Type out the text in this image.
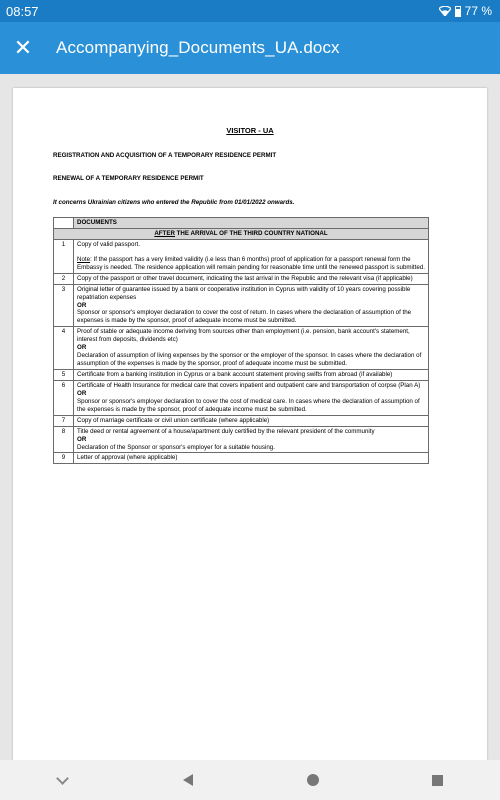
08:57	77 %
✕ Accompanying_Documents_UA.docx
VISITOR - UA
REGISTRATION AND ACQUISITION OF A TEMPORARY RESIDENCE PERMIT
RENEWAL OF A TEMPORARY RESIDENCE PERMIT
It concerns Ukrainian citizens who entered the Republic from 01/01/2022 onwards.
	DOCUMENTS
AFTER THE ARRIVAL OF THE THIRD COUNTRY NATIONAL	
1	Copy of valid passport.
Note: If the passport has a very limited validity (i.e less than 6 months) proof of application for a passport renewal form the Embassy is needed. The residence application will remain pending for reasonable time until the renewed passport is submitted.
2	Copy of the passport or other travel document, indicating the last arrival in the Republic and the relevant visa (if applicable)
3	Original letter of guarantee issued by a bank or cooperative institution in Cyprus with validity of 10 years covering possible repatriation expenses
OR
Sponsor or sponsor's employer declaration to cover the cost of return. In cases where the declaration of assumption of the expenses is made by the sponsor, proof of adequate income must be submitted.
4	Proof of stable or adequate income deriving from sources other than employment (i.e. pension, bank account's statement, interest from deposits, dividends etc)
OR
Declaration of assumption of living expenses by the sponsor or the employer of the sponsor. In cases where the declaration of assumption of the expenses is made by the sponsor, proof of adequate income must be submitted.
5	Certificate from a banking institution in Cyprus or a bank account statement proving swifts from abroad (if available)
6	Certificate of Health Insurance for medical care that covers inpatient and outpatient care and transportation of corpse (Plan A)
OR
Sponsor or sponsor's employer declaration to cover the cost of medical care. In cases where the declaration of assumption of the expenses is made by the sponsor, proof of adequate income must be submitted.
7	Copy of marriage certificate or civil union certificate (where applicable)
8	Title deed or rental agreement of a house/apartment duly certified by the relevant president of the community
OR
Declaration of the Sponsor or sponsor's employer for a suitable housing.
9	Letter of approval (where applicable)
